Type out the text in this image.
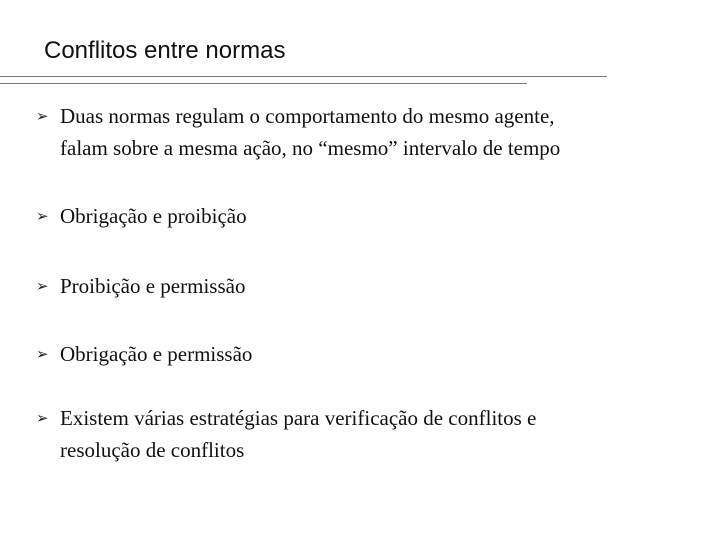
Conflitos entre normas
➢ Duas normas regulam o comportamento do mesmo agente,
falam sobre a mesma ação, no “mesmo” intervalo de tempo
➢ Obrigação e proibição
➢ Proibição e permissão
➢ Obrigação e permissão
➢ Existem várias estratégias para verificação de conflitos e
resolução de conflitos
